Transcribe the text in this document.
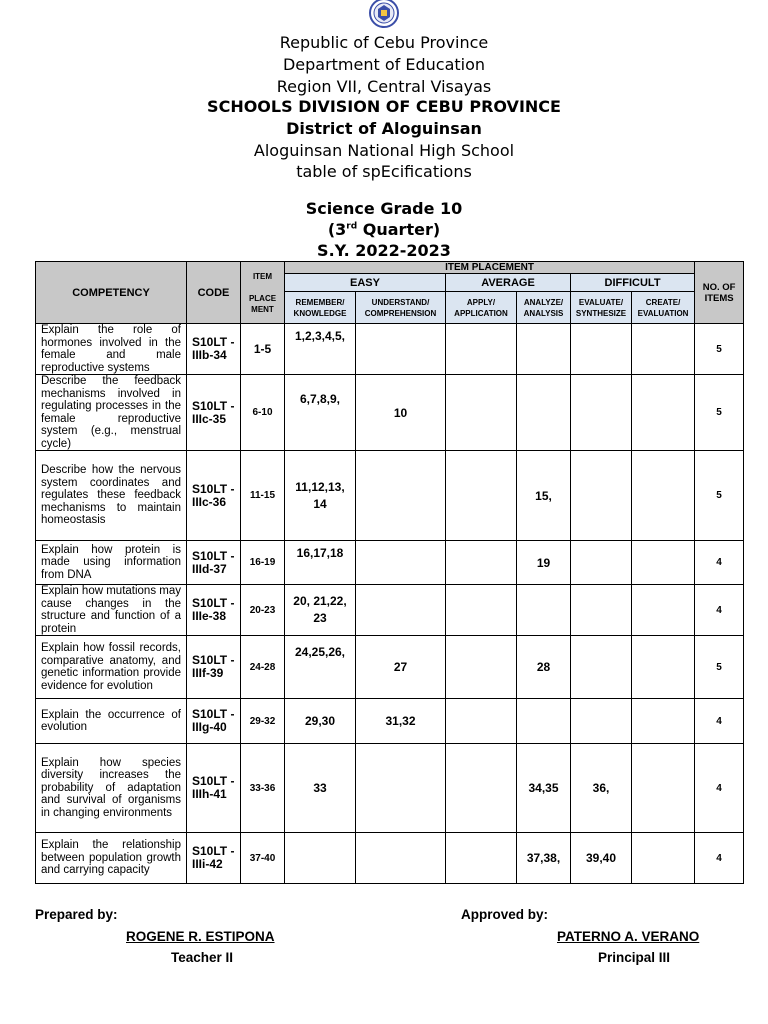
Republic of Cebu Province
Department of Education
Region VII, Central Visayas
SCHOOLS DIVISION OF CEBU PROVINCE
District of Aloguinsan
Aloguinsan National High School
table of spEcifications
Science Grade 10
(3rd Quarter)
S.Y. 2022-2023
COMPETENCY	CODE	ITEM

PLACE
MENT	ITEM PLACEMENT						NO. OF
ITEMS
			EASY		AVERAGE		DIFFICULT		
			REMEMBER/
KNOWLEDGE	UNDERSTAND/
COMPREHENSION	APPLY/
APPLICATION	ANALYZE/
ANALYSIS	EVALUATE/
SYNTHESIZE	CREATE/
EVALUATION	
Explain the role of hormones involved in the female and male reproductive systems	S10LT -IIIb-34	1-5	1,2,3,4,5,						5
Describe the feedback mechanisms involved in regulating processes in the female reproductive system (e.g., menstrual cycle)	S10LT -IIIc-35	6-10	6,7,8,9,	10					5
Describe how the nervous system coordinates and regulates these feedback mechanisms to maintain homeostasis	S10LT -IIIc-36	11-15	11,12,13, 14			15,			5
Explain how protein is made using information from DNA	S10LT -IIId-37	16-19	16,17,18			19			4
Explain how mutations may cause changes in the structure and function of a protein	S10LT -IIIe-38	20-23	20, 21,22, 23						4
Explain how fossil records, comparative anatomy, and genetic information provide evidence for evolution	S10LT -IIIf-39	24-28	24,25,26,	27		28			5
Explain the occurrence of evolution	S10LT -IIIg-40	29-32	29,30	31,32					4
Explain how species diversity increases the probability of adaptation and survival of organisms in changing environments	S10LT -IIIh-41	33-36	33			34,35	36,		4
Explain the relationship between population growth and carrying capacity	S10LT -IIIi-42	37-40				37,38,	39,40		4
Prepared by:
ROGENE R. ESTIPONA
Teacher II
Approved by:
PATERNO A. VERANO
Principal III
